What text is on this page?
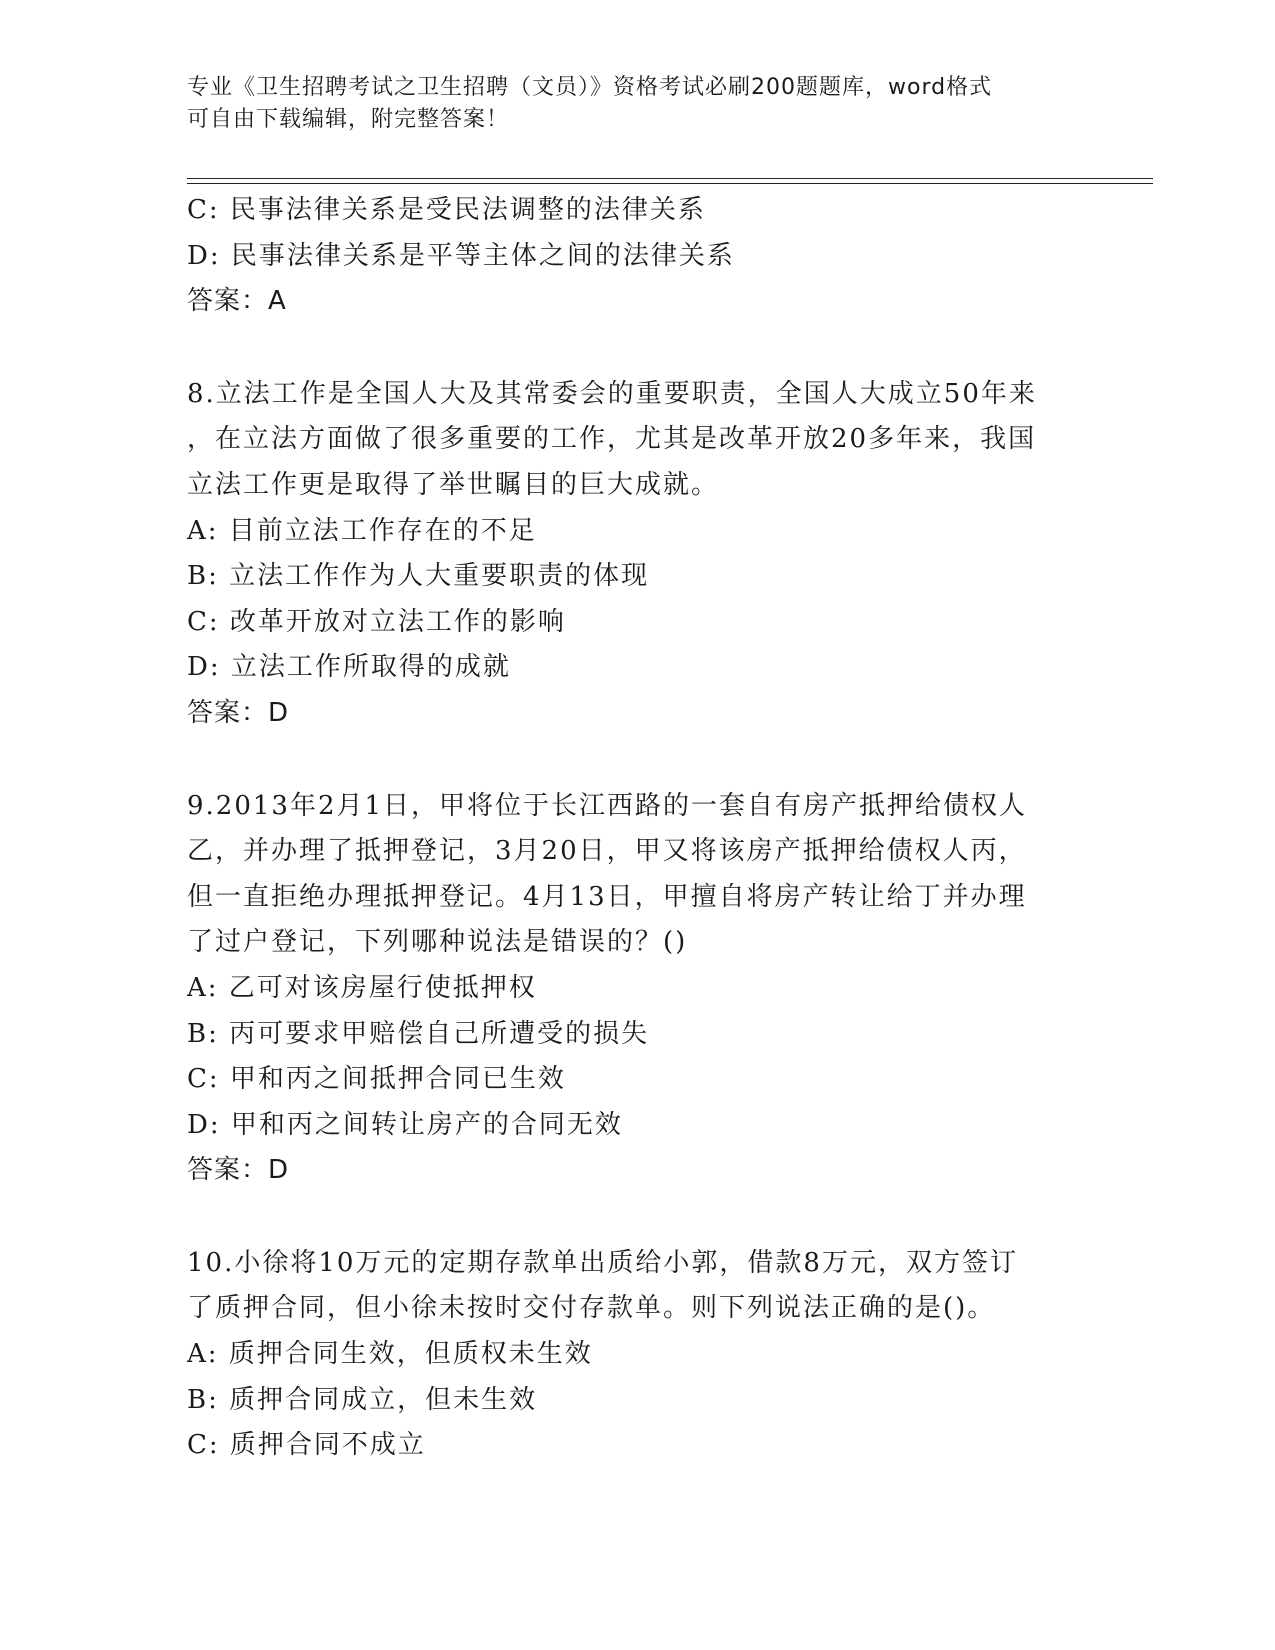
专业《卫生招聘考试之卫生招聘（文员）》资格考试必刷200题题库，word格式
可自由下载编辑，附完整答案！
C: 民事法律关系是受民法调整的法律关系
D: 民事法律关系是平等主体之间的法律关系
答案：A
8.立法工作是全国人大及其常委会的重要职责，全国人大成立50年来
，在立法方面做了很多重要的工作，尤其是改革开放20多年来，我国
立法工作更是取得了举世瞩目的巨大成就。
A: 目前立法工作存在的不足
B: 立法工作作为人大重要职责的体现
C: 改革开放对立法工作的影响
D: 立法工作所取得的成就
答案：D
9.2013年2月1日，甲将位于长江西路的一套自有房产抵押给债权人
乙，并办理了抵押登记，3月20日，甲又将该房产抵押给债权人丙，
但一直拒绝办理抵押登记。4月13日，甲擅自将房产转让给丁并办理
了过户登记，下列哪种说法是错误的？()
A: 乙可对该房屋行使抵押权
B: 丙可要求甲赔偿自己所遭受的损失
C: 甲和丙之间抵押合同已生效
D: 甲和丙之间转让房产的合同无效
答案：D
10.小徐将10万元的定期存款单出质给小郭，借款8万元，双方签订
了质押合同，但小徐未按时交付存款单。则下列说法正确的是()。
A: 质押合同生效，但质权未生效
B: 质押合同成立，但未生效
C: 质押合同不成立
